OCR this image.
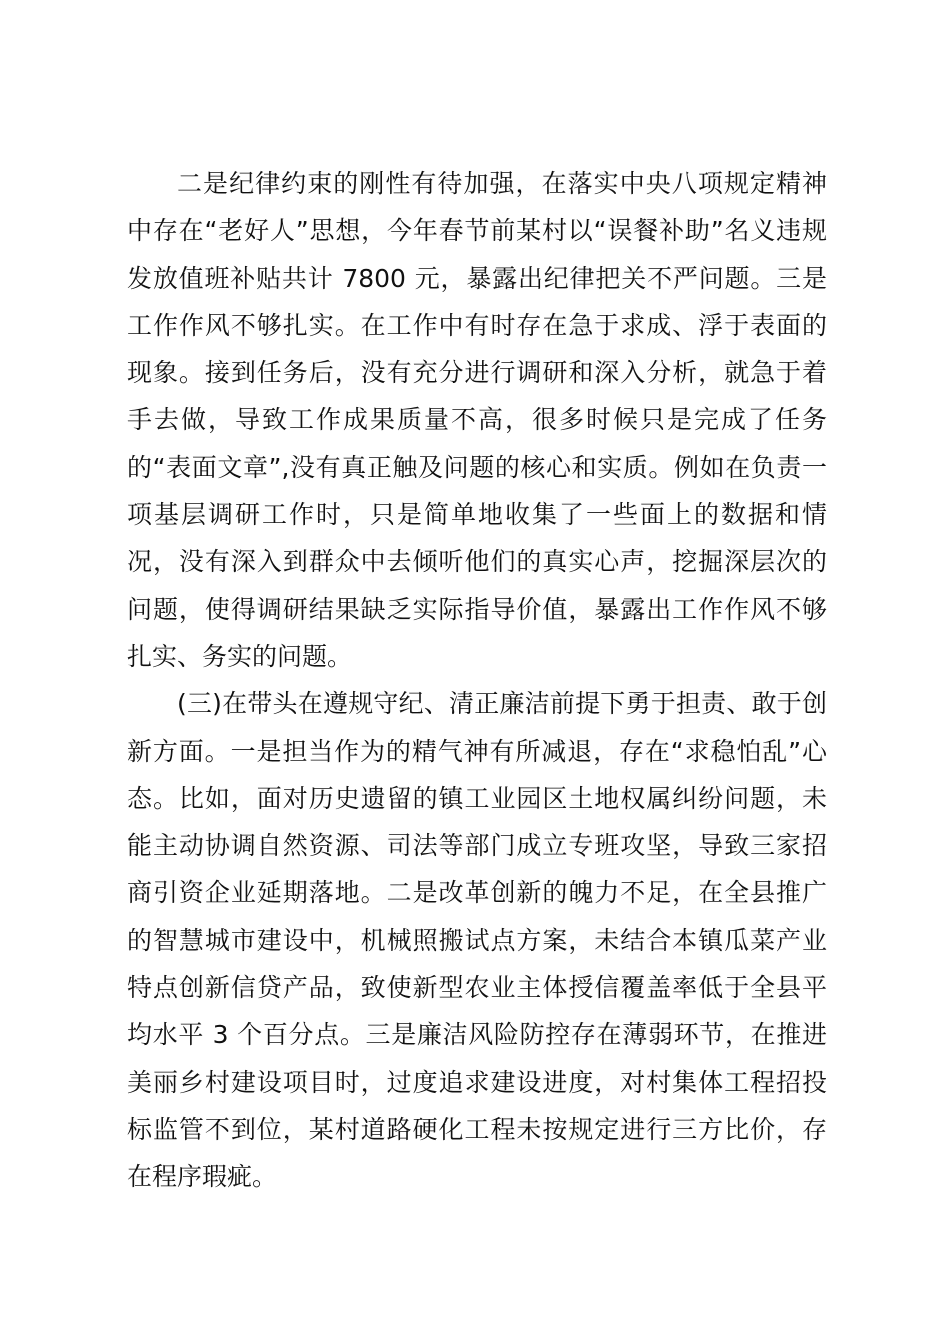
二是纪律约束的刚性有待加强，在落实中央八项规定精神
中存在“老好人”思想，今年春节前某村以“误餐补助”名义违规
发放值班补贴共计 7800 元，暴露出纪律把关不严问题。三是
工作作风不够扎实。在工作中有时存在急于求成、浮于表面的
现象。接到任务后，没有充分进行调研和深入分析，就急于着
手去做，导致工作成果质量不高，很多时候只是完成了任务
的“表面文章”,没有真正触及问题的核心和实质。例如在负责一
项基层调研工作时，只是简单地收集了一些面上的数据和情
况，没有深入到群众中去倾听他们的真实心声，挖掘深层次的
问题，使得调研结果缺乏实际指导价值，暴露出工作作风不够
扎实、务实的问题。
(三)在带头在遵规守纪、清正廉洁前提下勇于担责、敢于创
新方面。一是担当作为的精气神有所减退，存在“求稳怕乱”心
态。比如，面对历史遗留的镇工业园区土地权属纠纷问题，未
能主动协调自然资源、司法等部门成立专班攻坚，导致三家招
商引资企业延期落地。二是改革创新的魄力不足，在全县推广
的智慧城市建设中，机械照搬试点方案，未结合本镇瓜菜产业
特点创新信贷产品，致使新型农业主体授信覆盖率低于全县平
均水平 3 个百分点。三是廉洁风险防控存在薄弱环节，在推进
美丽乡村建设项目时，过度追求建设进度，对村集体工程招投
标监管不到位，某村道路硬化工程未按规定进行三方比价，存
在程序瑕疵。
